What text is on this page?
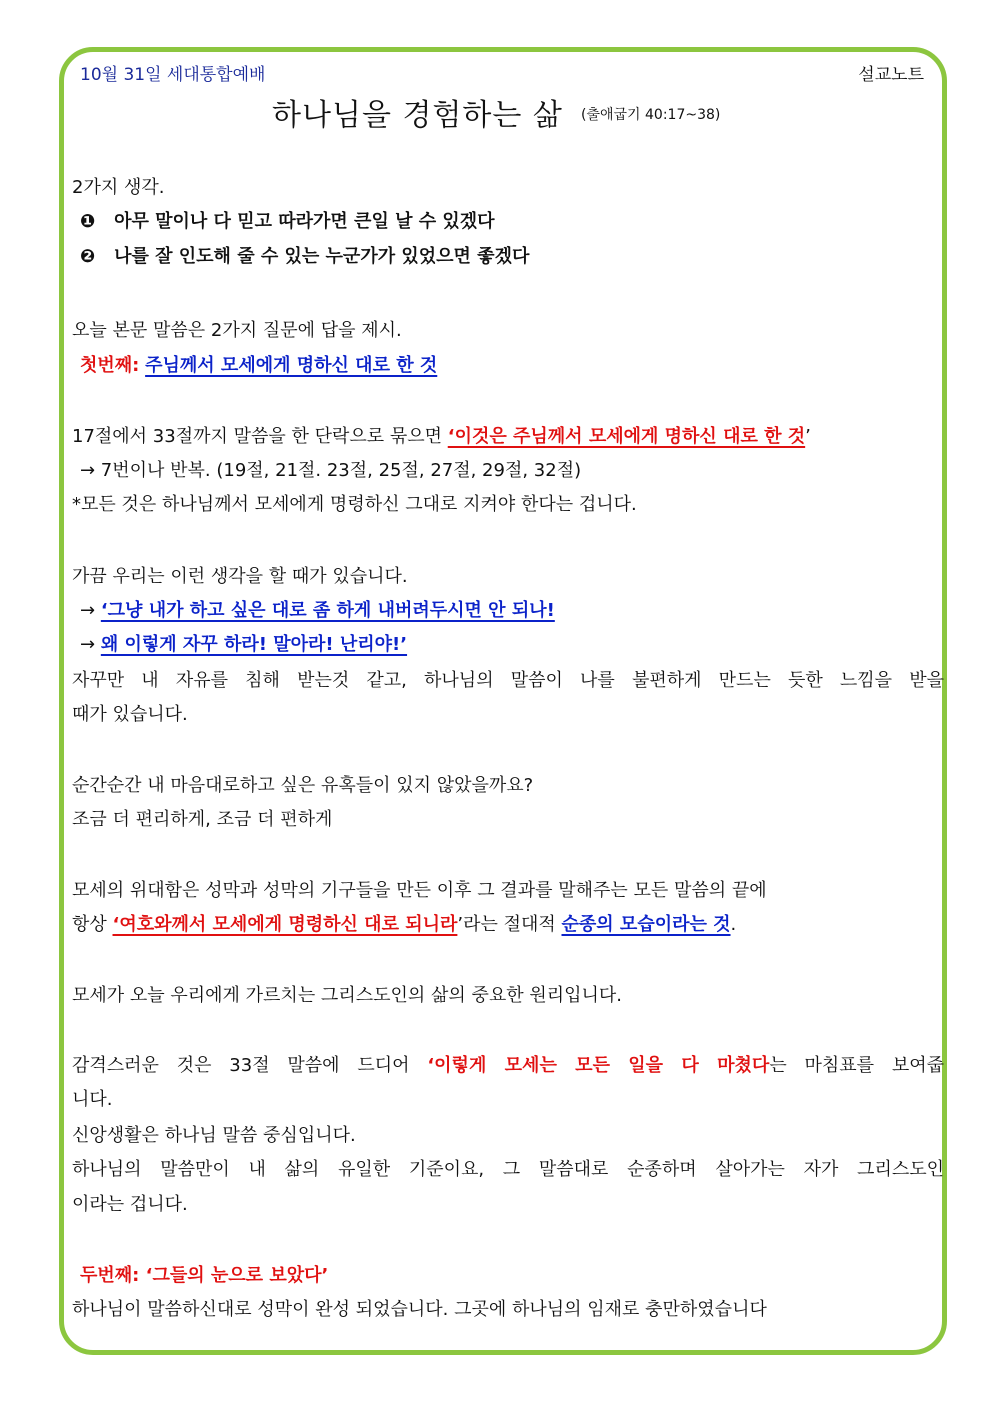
10월 31일 세대통합예배	설교노트
하나님을 경험하는 삶 (출애굽기 40:17~38)
2가지 생각.
❶ 아무 말이나 다 믿고 따라가면 큰일 날 수 있겠다
❷ 나를 잘 인도해 줄 수 있는 누군가가 있었으면 좋겠다
오늘 본문 말씀은 2가지 질문에 답을 제시.
첫번째: 주님께서 모세에게 명하신 대로 한 것
17절에서 33절까지 말씀을 한 단락으로 묶으면 ‘이것은 주님께서 모세에게 명하신 대로 한 것’
→ 7번이나 반복. (19절, 21절. 23절, 25절, 27절, 29절, 32절)
*모든 것은 하나님께서 모세에게 명령하신 그대로 지켜야 한다는 겁니다.
가끔 우리는 이런 생각을 할 때가 있습니다.
→ ‘그냥 내가 하고 싶은 대로 좀 하게 내버려두시면 안 되나!
→ 왜 이렇게 자꾸 하라! 말아라! 난리야!’
자꾸만 내 자유를 침해 받는것 같고, 하나님의 말씀이 나를 불편하게 만드는 듯한 느낌을 받을
때가 있습니다.
순간순간 내 마음대로하고 싶은 유혹들이 있지 않았을까요?
조금 더 편리하게, 조금 더 편하게
모세의 위대함은 성막과 성막의 기구들을 만든 이후 그 결과를 말해주는 모든 말씀의 끝에
항상 ‘여호와께서 모세에게 명령하신 대로 되니라’라는 절대적 순종의 모습이라는 것.
모세가 오늘 우리에게 가르치는 그리스도인의 삶의 중요한 원리입니다.
감격스러운 것은 33절 말씀에 드디어 ‘이렇게 모세는 모든 일을 다 마쳤다는 마침표를 보여줍
니다.
신앙생활은 하나님 말씀 중심입니다.
하나님의 말씀만이 내 삶의 유일한 기준이요, 그 말씀대로 순종하며 살아가는 자가 그리스도인
이라는 겁니다.
두번째: ‘그들의 눈으로 보았다’
하나님이 말씀하신대로 성막이 완성 되었습니다. 그곳에 하나님의 임재로 충만하였습니다
